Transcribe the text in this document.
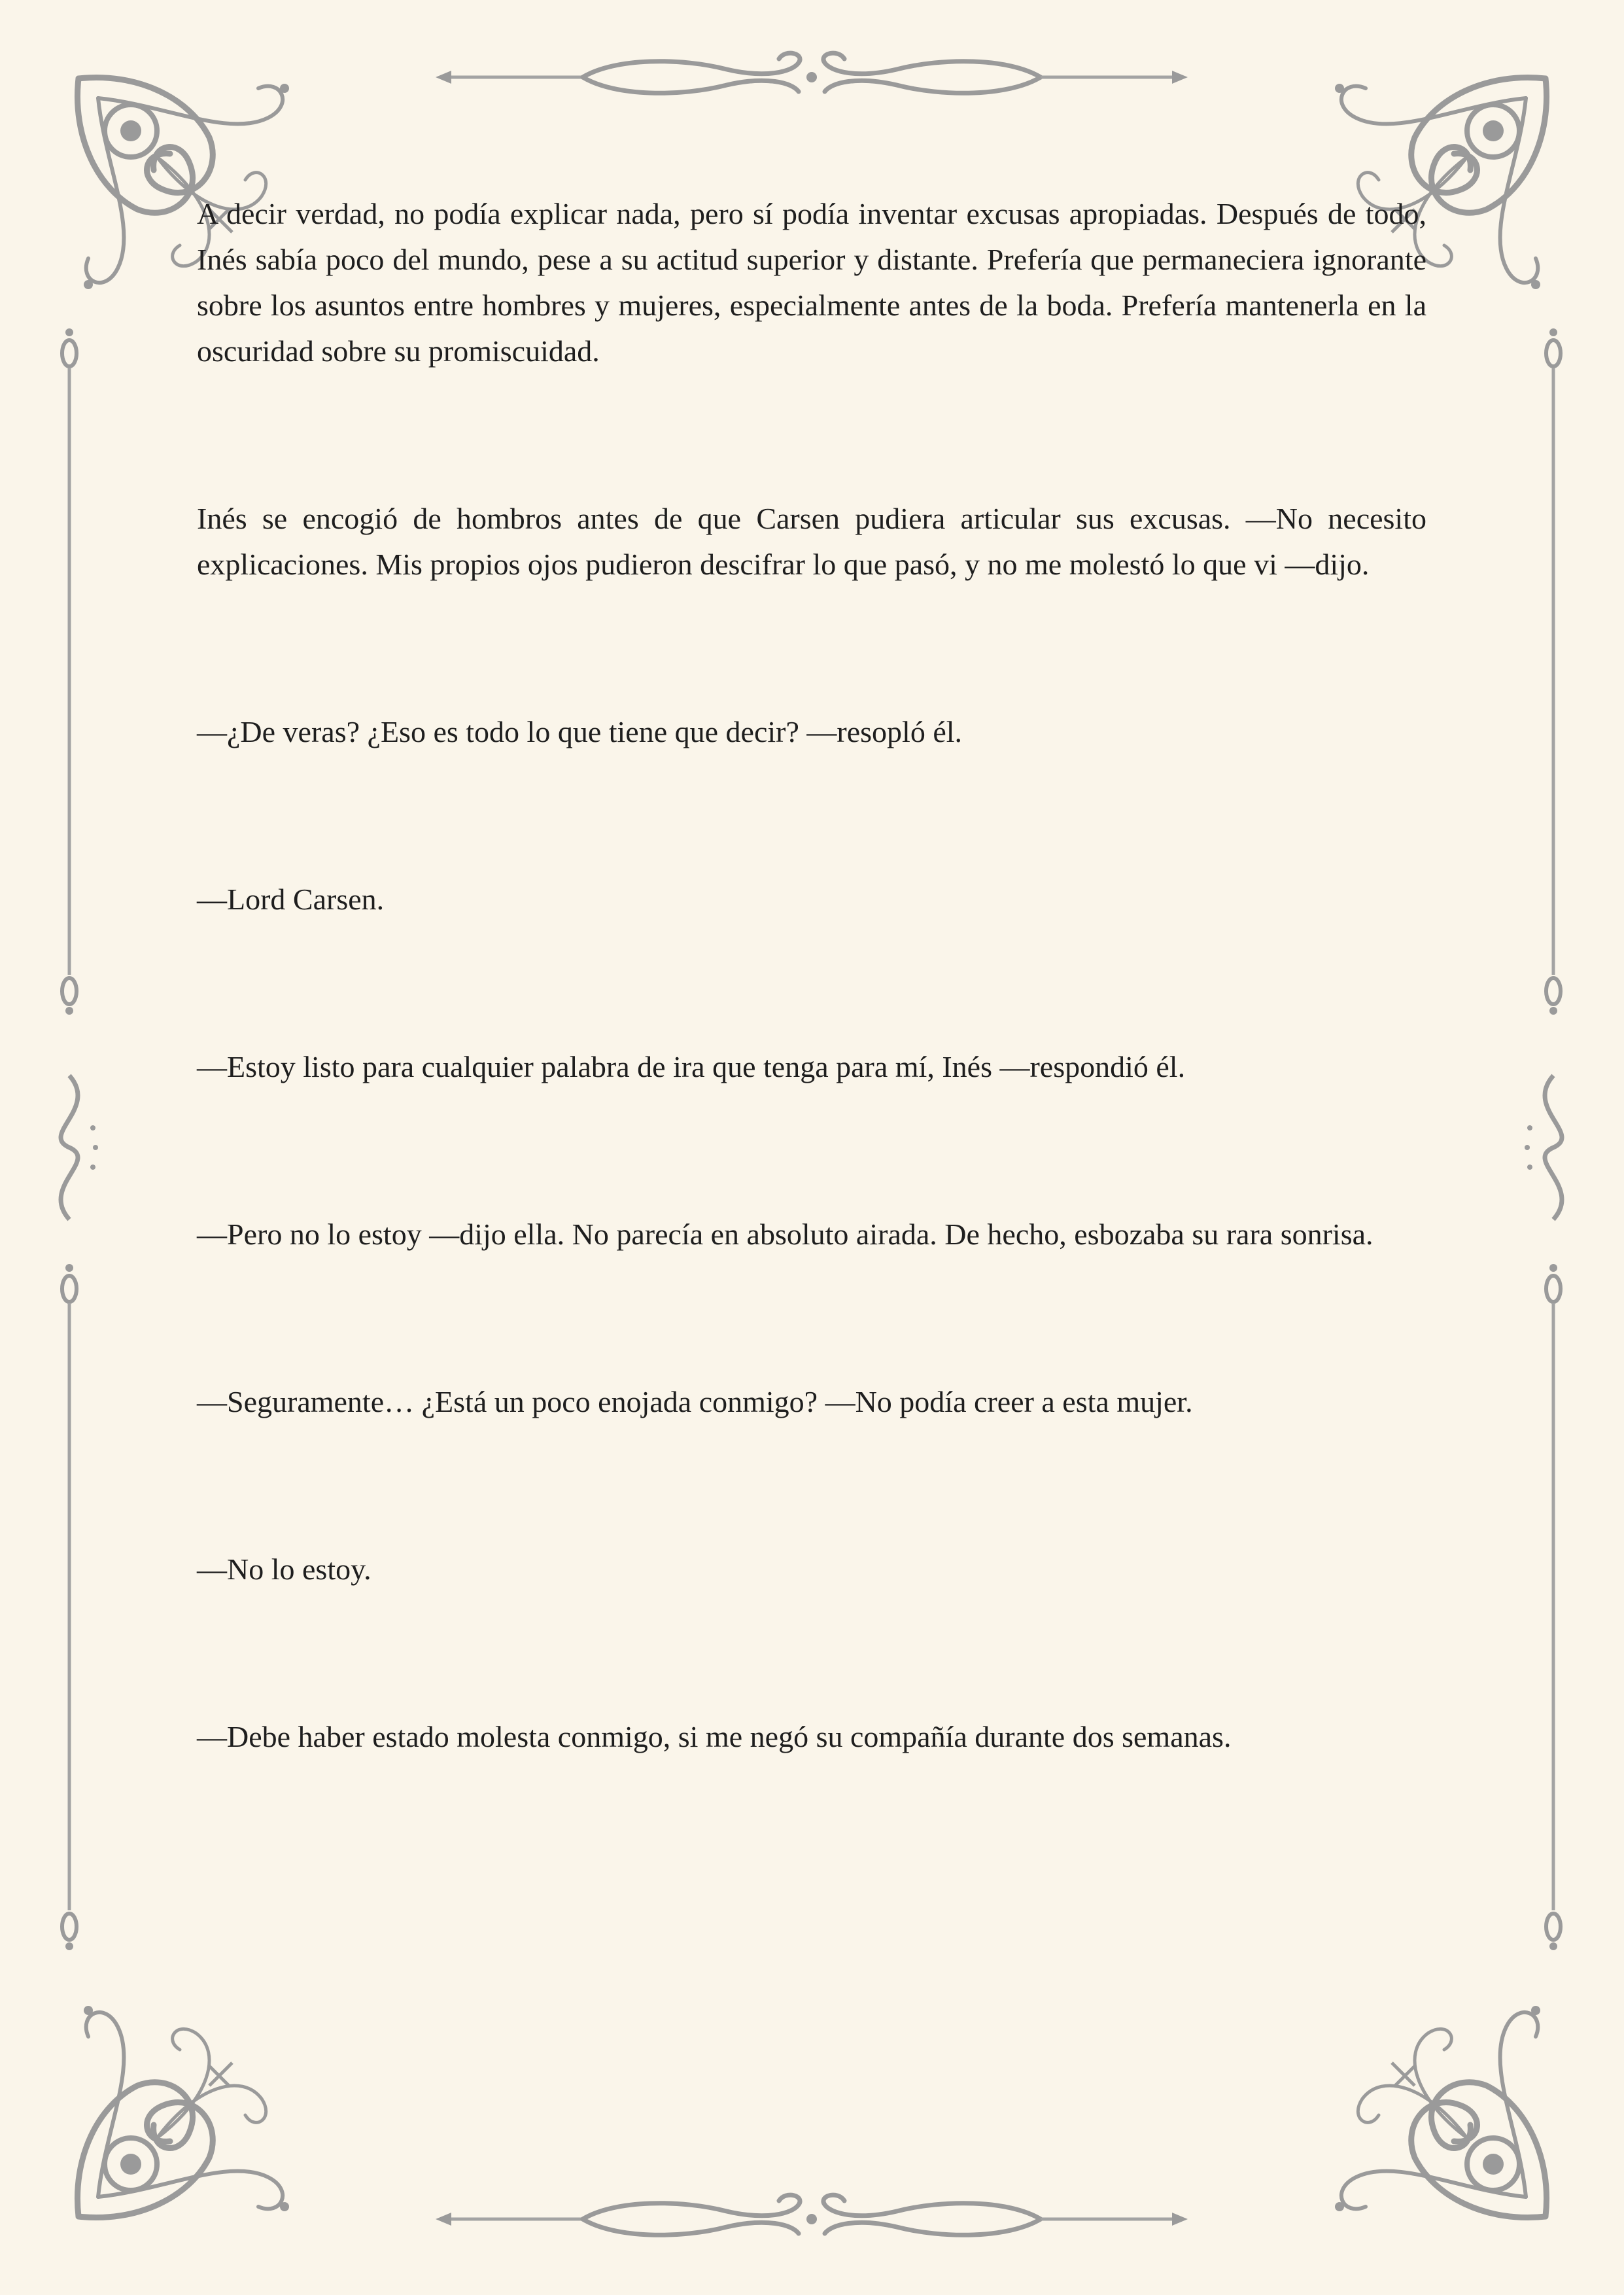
A decir verdad, no podía explicar nada, pero sí podía inventar excusas apropiadas. Después de todo, Inés sabía poco del mundo, pese a su actitud superior y distante. Prefería que permaneciera ignorante sobre los asuntos entre hombres y mujeres, especialmente antes de la boda. Prefería mantenerla en la oscuridad sobre su promiscuidad.

Inés se encogió de hombros antes de que Carsen pudiera articular sus excusas. —No necesito explicaciones. Mis propios ojos pudieron descifrar lo que pasó, y no me molestó lo que vi —dijo.

—¿De veras? ¿Eso es todo lo que tiene que decir? —resopló él.

—Lord Carsen.

—Estoy listo para cualquier palabra de ira que tenga para mí, Inés —respondió él.

—Pero no lo estoy —dijo ella. No parecía en absoluto airada. De hecho, esbozaba su rara sonrisa.

—Seguramente… ¿Está un poco enojada conmigo? —No podía creer a esta mujer.

—No lo estoy.

—Debe haber estado molesta conmigo, si me negó su compañía durante dos semanas.
